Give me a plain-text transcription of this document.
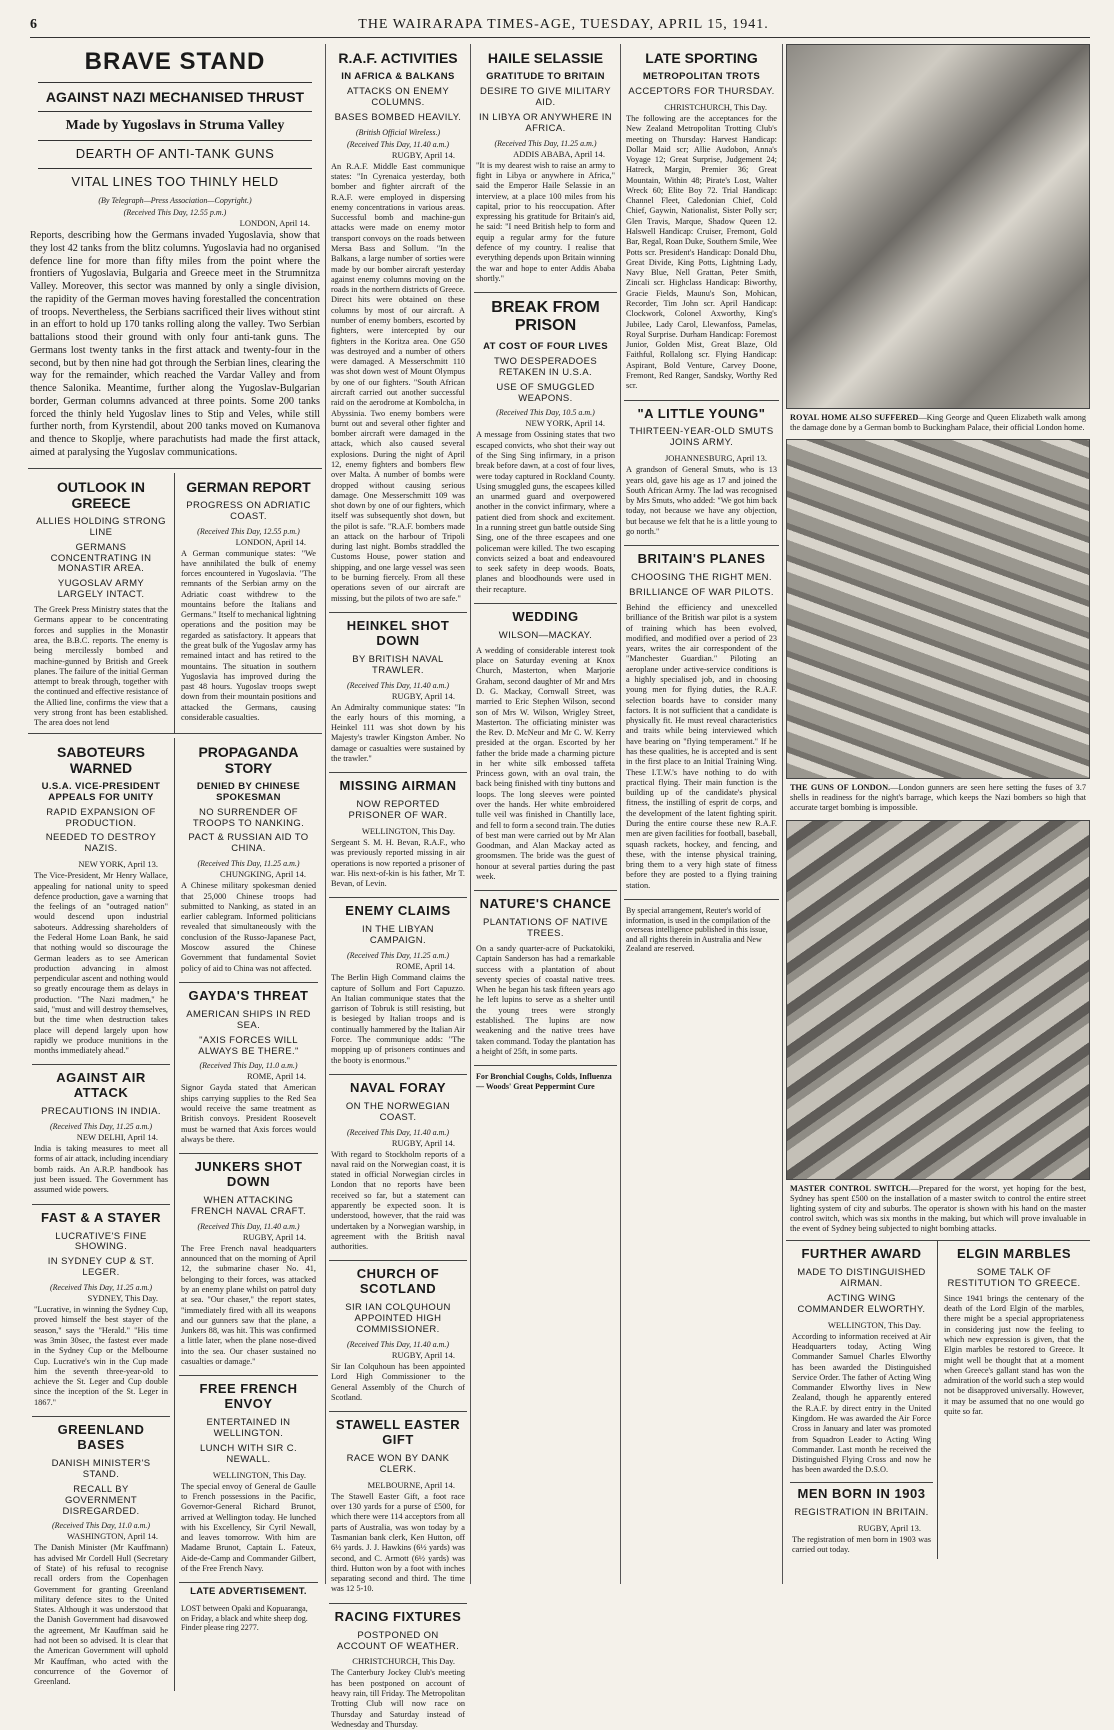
6	THE WAIRARAPA TIMES-AGE, TUESDAY, APRIL 15, 1941.
BRAVE STAND
AGAINST NAZI MECHANISED THRUST
Made by Yugoslavs in Struma Valley
DEARTH OF ANTI-TANK GUNS
VITAL LINES TOO THINLY HELD
(By Telegraph—Press Association—Copyright.)
(Received This Day, 12.55 p.m.)
LONDON, April 14.

Reports, describing how the Germans invaded Yugoslavia, show that they lost 42 tanks from the blitz columns. Yugoslavia had no organised defence line for more than fifty miles from the point where the frontiers of Yugoslavia, Bulgaria and Greece meet in the Strumnitza Valley. Moreover, this sector was manned by only a single division, the rapidity of the German moves having forestalled the concentration of troops. Nevertheless, the Serbians sacrificed their lives without stint in an effort to hold up 170 tanks rolling along the valley. Two Serbian battalions stood their ground with only four anti-tank guns. The Germans lost twenty tanks in the first attack and twenty-four in the second, but by then nine had got through the Serbian lines, clearing the way for the remainder, which reached the Vardar Valley and from thence Salonika. Meantime, further along the Yugoslav-Bulgarian border, German columns advanced at three points. Some 200 tanks forced the thinly held Yugoslav lines to Stip and Veles, while still further north, from Kyrstendil, about 200 tanks moved on Kumanova and thence to Skoplje, where parachutists had made the first attack, aimed at paralysing the Yugoslav communications.

OUTLOOK IN GREECE
ALLIES HOLDING STRONG LINE
GERMANS CONCENTRATING IN MONASTIR AREA.
YUGOSLAV ARMY LARGELY INTACT.

The Greek Press Ministry states that the Germans appear to be concentrating forces and supplies in the Monastir area, the B.B.C. reports. The enemy is being mercilessly bombed and machine-gunned by British and Greek planes. The failure of the initial German attempt to break through, together with the continued and effective resistance of the Allied line, confirms the view that a very strong front has been established. The area does not lend

GERMAN REPORT
PROGRESS ON ADRIATIC COAST.
(Received This Day, 12.55 p.m.)
LONDON, April 14.

A German communique states: "We have annihilated the bulk of enemy forces encountered in Yugoslavia. "The remnants of the Serbian army on the Adriatic coast withdrew to the mountains before the Italians and Germans." Itself to mechanical lightning operations and the position may be regarded as satisfactory. It appears that the great bulk of the Yugoslav army has remained intact and has retired to the mountains. The situation in southern Yugoslavia has improved during the past 48 hours. Yugoslav troops swept down from their mountain positions and attacked the Germans, causing considerable casualties.

SABOTEURS WARNED
U.S.A. VICE-PRESIDENT APPEALS FOR UNITY
RAPID EXPANSION OF PRODUCTION.
NEEDED TO DESTROY NAZIS.
NEW YORK, April 13.

The Vice-President, Mr Henry Wallace, appealing for national unity to speed defence production, gave a warning that the feelings of an "outraged nation" would descend upon industrial saboteurs. Addressing shareholders of the Federal Home Loan Bank, he said that nothing would so discourage the German leaders as to see American production advancing in almost perpendicular ascent and nothing would so greatly encourage them as delays in production. "The Nazi madmen," he said, "must and will destroy themselves, but the time when destruction takes place will depend largely upon how rapidly we produce munitions in the months immediately ahead."

AGAINST AIR ATTACK
PRECAUTIONS IN INDIA.
(Received This Day, 11.25 a.m.)
NEW DELHI, April 14.

India is taking measures to meet all forms of air attack, including incendiary bomb raids. An A.R.P. handbook has just been issued. The Government has assumed wide powers.

FAST & A STAYER
LUCRATIVE'S FINE SHOWING.
IN SYDNEY CUP & ST. LEGER.
(Received This Day, 11.25 a.m.)
SYDNEY, This Day.

"Lucrative, in winning the Sydney Cup, proved himself the best stayer of the season," says the "Herald." "His time was 3min 30sec, the fastest ever made in the Sydney Cup or the Melbourne Cup. Lucrative's win in the Cup made him the seventh three-year-old to achieve the St. Leger and Cup double since the inception of the St. Leger in 1867."

GREENLAND BASES
DANISH MINISTER'S STAND.
RECALL BY GOVERNMENT DISREGARDED.
(Received This Day, 11.0 a.m.)
WASHINGTON, April 14.

The Danish Minister (Mr Kauffmann) has advised Mr Cordell Hull (Secretary of State) of his refusal to recognise recall orders from the Copenhagen Government for granting Greenland military defence sites to the United States. Although it was understood that the Danish Government had disavowed the agreement, Mr Kauffman said he had not been so advised. It is clear that the American Government will uphold Mr Kauffman, who acted with the concurrence of the Governor of Greenland.

PROPAGANDA STORY
DENIED BY CHINESE SPOKESMAN
NO SURRENDER OF TROOPS TO NANKING.
PACT & RUSSIAN AID TO CHINA.
(Received This Day, 11.25 a.m.)
CHUNGKING, April 14.

A Chinese military spokesman denied that 25,000 Chinese troops had submitted to Nanking, as stated in an earlier cablegram. Informed politicians revealed that simultaneously with the conclusion of the Russo-Japanese Pact, Moscow assured the Chinese Government that fundamental Soviet policy of aid to China was not affected.

GAYDA'S THREAT
AMERICAN SHIPS IN RED SEA.
"AXIS FORCES WILL ALWAYS BE THERE."
(Received This Day, 11.0 a.m.)
ROME, April 14.

Signor Gayda stated that American ships carrying supplies to the Red Sea would receive the same treatment as British convoys. President Roosevelt must be warned that Axis forces would always be there.

JUNKERS SHOT DOWN
WHEN ATTACKING FRENCH NAVAL CRAFT.
(Received This Day, 11.40 a.m.)
RUGBY, April 14.

The Free French naval headquarters announced that on the morning of April 12, the submarine chaser No. 41, belonging to their forces, was attacked by an enemy plane whilst on patrol duty at sea. "Our chaser," the report states, "immediately fired with all its weapons and our gunners saw that the plane, a Junkers 88, was hit. This was confirmed a little later, when the plane nose-dived into the sea. Our chaser sustained no casualties or damage."

FREE FRENCH ENVOY
ENTERTAINED IN WELLINGTON.
LUNCH WITH SIR C. NEWALL.
WELLINGTON, This Day.

The special envoy of General de Gaulle to French possessions in the Pacific, Governor-General Richard Brunot, arrived at Wellington today. He lunched with his Excellency, Sir Cyril Newall, and leaves tomorrow. With him are Madame Brunot, Captain L. Fateux, Aide-de-Camp and Commander Gilbert, of the Free French Navy.

LATE ADVERTISEMENT.

LOST between Opaki and Kopuaranga, on Friday, a black and white sheep dog. Finder please ring 2277.

R.A.F. ACTIVITIES
IN AFRICA & BALKANS
ATTACKS ON ENEMY COLUMNS.
BASES BOMBED HEAVILY.
(British Official Wireless.)
(Received This Day, 11.40 a.m.)
RUGBY, April 14.

An R.A.F. Middle East communique states: "In Cyrenaica yesterday, both bomber and fighter aircraft of the R.A.F. were employed in dispersing enemy concentrations in various areas. Successful bomb and machine-gun attacks were made on enemy motor transport convoys on the roads between Mersa Bass and Sollum. "In the Balkans, a large number of sorties were made by our bomber aircraft yesterday against enemy columns moving on the roads in the northern districts of Greece. Direct hits were obtained on these columns by most of our aircraft. A number of enemy bombers, escorted by fighters, were intercepted by our fighters in the Koritza area. One G50 was destroyed and a number of others were damaged. A Messerschmitt 110 was shot down west of Mount Olympus by one of our fighters. "South African aircraft carried out another successful raid on the aerodrome at Kombolcha, in Abyssinia. Two enemy bombers were burnt out and several other fighter and bomber aircraft were damaged in the attack, which also caused several explosions. During the night of April 12, enemy fighters and bombers flew over Malta. A number of bombs were dropped without causing serious damage. One Messerschmitt 109 was shot down by one of our fighters, which itself was subsequently shot down, but the pilot is safe. "R.A.F. bombers made an attack on the harbour of Tripoli during last night. Bombs straddled the Customs House, power station and shipping, and one large vessel was seen to be burning fiercely. From all these operations seven of our aircraft are missing, but the pilots of two are safe."

HEINKEL SHOT DOWN
BY BRITISH NAVAL TRAWLER.
(Received This Day, 11.40 a.m.)
RUGBY, April 14.

An Admiralty communique states: "In the early hours of this morning, a Heinkel 111 was shot down by his Majesty's trawler Kingston Amber. No damage or casualties were sustained by the trawler."

MISSING AIRMAN
NOW REPORTED PRISONER OF WAR.
WELLINGTON, This Day.

Sergeant S. M. H. Bevan, R.A.F., who was previously reported missing in air operations is now reported a prisoner of war. His next-of-kin is his father, Mr T. Bevan, of Levin.

ENEMY CLAIMS
IN THE LIBYAN CAMPAIGN.
(Received This Day, 11.25 a.m.)
ROME, April 14.

The Berlin High Command claims the capture of Sollum and Fort Capuzzo. An Italian communique states that the garrison of Tobruk is still resisting, but is besieged by Italian troops and is continually hammered by the Italian Air Force. The communique adds: "The mopping up of prisoners continues and the booty is enormous."

NAVAL FORAY
ON THE NORWEGIAN COAST.
(Received This Day, 11.40 a.m.)
RUGBY, April 14.

With regard to Stockholm reports of a naval raid on the Norwegian coast, it is stated in official Norwegian circles in London that no reports have been received so far, but a statement can apparently be expected soon. It is understood, however, that the raid was undertaken by a Norwegian warship, in agreement with the British naval authorities.

CHURCH OF SCOTLAND
SIR IAN COLQUHOUN APPOINTED HIGH COMMISSIONER.
(Received This Day, 11.40 a.m.)
RUGBY, April 14.

Sir Ian Colquhoun has been appointed Lord High Commissioner to the General Assembly of the Church of Scotland.

STAWELL EASTER GIFT
RACE WON BY DANK CLERK.
MELBOURNE, April 14.

The Stawell Easter Gift, a foot race over 130 yards for a purse of £500, for which there were 114 acceptors from all parts of Australia, was won today by a Tasmanian bank clerk, Ken Hutton, off 6½ yards. J. J. Hawkins (6½ yards) was second, and C. Armott (6½ yards) was third. Hutton won by a foot with inches separating second and third. The time was 12 5-10.

RACING FIXTURES
POSTPONED ON ACCOUNT OF WEATHER.
CHRISTCHURCH, This Day.

The Canterbury Jockey Club's meeting has been postponed on account of heavy rain, till Friday. The Metropolitan Trotting Club will now race on Thursday and Saturday instead of Wednesday and Thursday.

HAILE SELASSIE
GRATITUDE TO BRITAIN
DESIRE TO GIVE MILITARY AID.
IN LIBYA OR ANYWHERE IN AFRICA.
(Received This Day, 11.25 a.m.)
ADDIS ABABA, April 14.

"It is my dearest wish to raise an army to fight in Libya or anywhere in Africa," said the Emperor Haile Selassie in an interview, at a place 100 miles from his capital, prior to his reoccupation. After expressing his gratitude for Britain's aid, he said: "I need British help to form and equip a regular army for the future defence of my country. I realise that everything depends upon Britain winning the war and hope to enter Addis Ababa shortly."

BREAK FROM PRISON
AT COST OF FOUR LIVES
TWO DESPERADOES RETAKEN IN U.S.A.
USE OF SMUGGLED WEAPONS.
(Received This Day, 10.5 a.m.)
NEW YORK, April 14.

A message from Ossining states that two escaped convicts, who shot their way out of the Sing Sing infirmary, in a prison break before dawn, at a cost of four lives, were today captured in Rockland County. Using smuggled guns, the escapees killed an unarmed guard and overpowered another in the convict infirmary, where a patient died from shock and excitement. In a running street gun battle outside Sing Sing, one of the three escapees and one policeman were killed. The two escaping convicts seized a boat and endeavoured to seek safety in deep woods. Boats, planes and bloodhounds were used in their recapture.

WEDDING
WILSON—MACKAY.

A wedding of considerable interest took place on Saturday evening at Knox Church, Masterton, when Marjorie Graham, second daughter of Mr and Mrs D. G. Mackay, Cornwall Street, was married to Eric Stephen Wilson, second son of Mrs W. Wilson, Wrigley Street, Masterton. The officiating minister was the Rev. D. McNeur and Mr C. W. Kerry presided at the organ. Escorted by her father the bride made a charming picture in her white silk embossed taffeta Princess gown, with an oval train, the back being finished with tiny buttons and loops. The long sleeves were pointed over the hands. Her white embroidered tulle veil was finished in Chantilly lace, and fell to form a second train. The duties of best man were carried out by Mr Alan Goodman, and Alan Mackay acted as groomsmen. The bride was the guest of honour at several parties during the past week.

NATURE'S CHANCE
PLANTATIONS OF NATIVE TREES.

On a sandy quarter-acre of Puckatokiki, Captain Sanderson has had a remarkable success with a plantation of about seventy species of coastal native trees. When he began his task fifteen years ago he left lupins to serve as a shelter until the young trees were strongly established. The lupins are now weakening and the native trees have taken command. Today the plantation has a height of 25ft, in some parts.

For Bronchial Coughs, Colds, Influenza — Woods' Great Peppermint Cure

LATE SPORTING
METROPOLITAN TROTS
ACCEPTORS FOR THURSDAY.
CHRISTCHURCH, This Day.

The following are the acceptances for the New Zealand Metropolitan Trotting Club's meeting on Thursday: Harvest Handicap: Dollar Maid scr; Allie Audobon, Anna's Voyage 12; Great Surprise, Judgement 24; Hatreck, Margin, Premier 36; Great Mountain, Within 48; Pirate's Lost, Walter Wreck 60; Elite Boy 72. Trial Handicap: Channel Fleet, Caledonian Chief, Cold Chief, Gaywin, Nationalist, Sister Polly scr; Glen Travis, Marque, Shadow Queen 12. Halswell Handicap: Cruiser, Fremont, Gold Bar, Regal, Roan Duke, Southern Smile, Wee Potts scr. President's Handicap: Donald Dhu, Great Divide, King Potts, Lightning Lady, Navy Blue, Nell Grattan, Peter Smith, Zincali scr. Highclass Handicap: Biworthy, Gracie Fields, Maunu's Son, Mohican, Recorder, Tim John scr. April Handicap: Clockwork, Colonel Axworthy, King's Jubilee, Lady Carol, Llewanfoss, Pamelas, Royal Surprise. Durham Handicap: Foremost Junior, Golden Mist, Great Blaze, Old Faithful, Rollalong scr. Flying Handicap: Aspirant, Bold Venture, Carvey Doone, Fremont, Red Ranger, Sandsky, Worthy Red scr.

"A LITTLE YOUNG"
THIRTEEN-YEAR-OLD SMUTS JOINS ARMY.
JOHANNESBURG, April 13.

A grandson of General Smuts, who is 13 years old, gave his age as 17 and joined the South African Army. The lad was recognised by Mrs Smuts, who added: "We got him back today, not because we have any objection, but because we felt that he is a little young to go north."

BRITAIN'S PLANES
CHOOSING THE RIGHT MEN.
BRILLIANCE OF WAR PILOTS.

Behind the efficiency and unexcelled brilliance of the British war pilot is a system of training which has been evolved, modified, and modified over a period of 23 years, writes the air correspondent of the "Manchester Guardian." Piloting an aeroplane under active-service conditions is a highly specialised job, and in choosing young men for flying duties, the R.A.F. selection boards have to consider many factors. It is not sufficient that a candidate is physically fit. He must reveal characteristics and traits while being interviewed which have bearing on "flying temperament." If he has these qualities, he is accepted and is sent in the first place to an Initial Training Wing. These I.T.W.'s have nothing to do with practical flying. Their main function is the building up of the candidate's physical fitness, the instilling of esprit de corps, and the development of the latent fighting spirit. During the entire course these new R.A.F. men are given facilities for football, baseball, squash rackets, hockey, and fencing, and these, with the intense physical training, bring them to a very high state of fitness before they are posted to a flying training station.

By special arrangement, Reuter's world of information, is used in the compilation of the overseas intelligence published in this issue, and all rights therein in Australia and New Zealand are reserved.

ROYAL HOME ALSO SUFFERED—King George and Queen Elizabeth walk among the damage done by a German bomb to Buckingham Palace, their official London home.

THE GUNS OF LONDON.—London gunners are seen here setting the fuses of 3.7 shells in readiness for the night's barrage, which keeps the Nazi bombers so high that accurate target bombing is impossible.

MASTER CONTROL SWITCH.—Prepared for the worst, yet hoping for the best, Sydney has spent £500 on the installation of a master switch to control the entire street lighting system of city and suburbs. The operator is shown with his hand on the master control switch, which was six months in the making, but which will prove invaluable in the event of Sydney being subjected to night bombing attacks.

FURTHER AWARD
MADE TO DISTINGUISHED AIRMAN.
ACTING WING COMMANDER ELWORTHY.
WELLINGTON, This Day.

According to information received at Air Headquarters today, Acting Wing Commander Samuel Charles Elworthy has been awarded the Distinguished Service Order. The father of Acting Wing Commander Elworthy lives in New Zealand, though he apparently entered the R.A.F. by direct entry in the United Kingdom. He was awarded the Air Force Cross in January and later was promoted from Squadron Leader to Acting Wing Commander. Last month he received the Distinguished Flying Cross and now he has been awarded the D.S.O.

MEN BORN IN 1903
REGISTRATION IN BRITAIN.
RUGBY, April 13.

The registration of men born in 1903 was carried out today.

ELGIN MARBLES
SOME TALK OF RESTITUTION TO GREECE.

Since 1941 brings the centenary of the death of the Lord Elgin of the marbles, there might be a special appropriateness in considering just now the feeling to which new expression is given, that the Elgin marbles be restored to Greece. It might well be thought that at a moment when Greece's gallant stand has won the admiration of the world such a step would not be disapproved universally. However, it may be assumed that no one would go quite so far.
